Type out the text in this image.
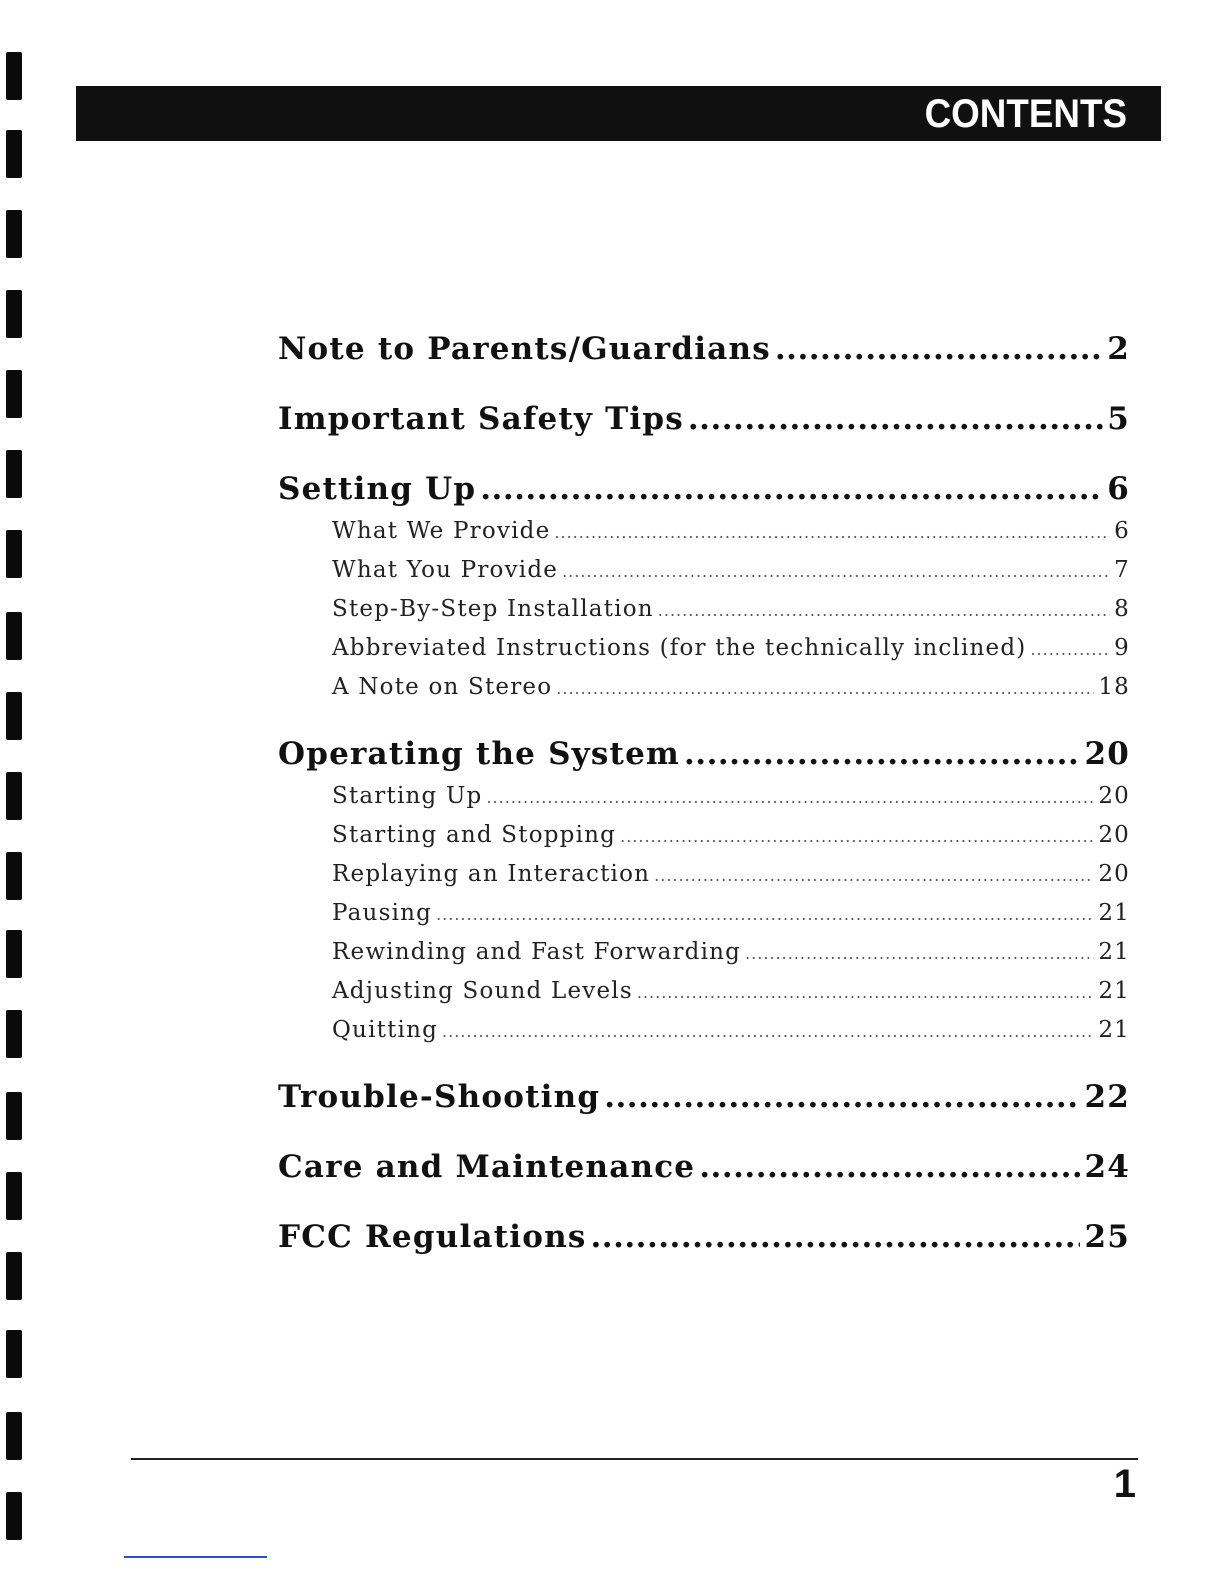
CONTENTS
Note to Parents/Guardians .....	2
Important Safety Tips .....	5
Setting Up .....	6
What We Provide .....	6
What You Provide .....	7
Step-By-Step Installation .....	8
Abbreviated Instructions (for the technically inclined) .....	9
A Note on Stereo .....	18
Operating the System .....	20
Starting Up .....	20
Starting and Stopping .....	20
Replaying an Interaction .....	20
Pausing .....	21
Rewinding and Fast Forwarding .....	21
Adjusting Sound Levels .....	21
Quitting .....	21
Trouble-Shooting .....	22
Care and Maintenance .....	24
FCC Regulations .....	25
1
